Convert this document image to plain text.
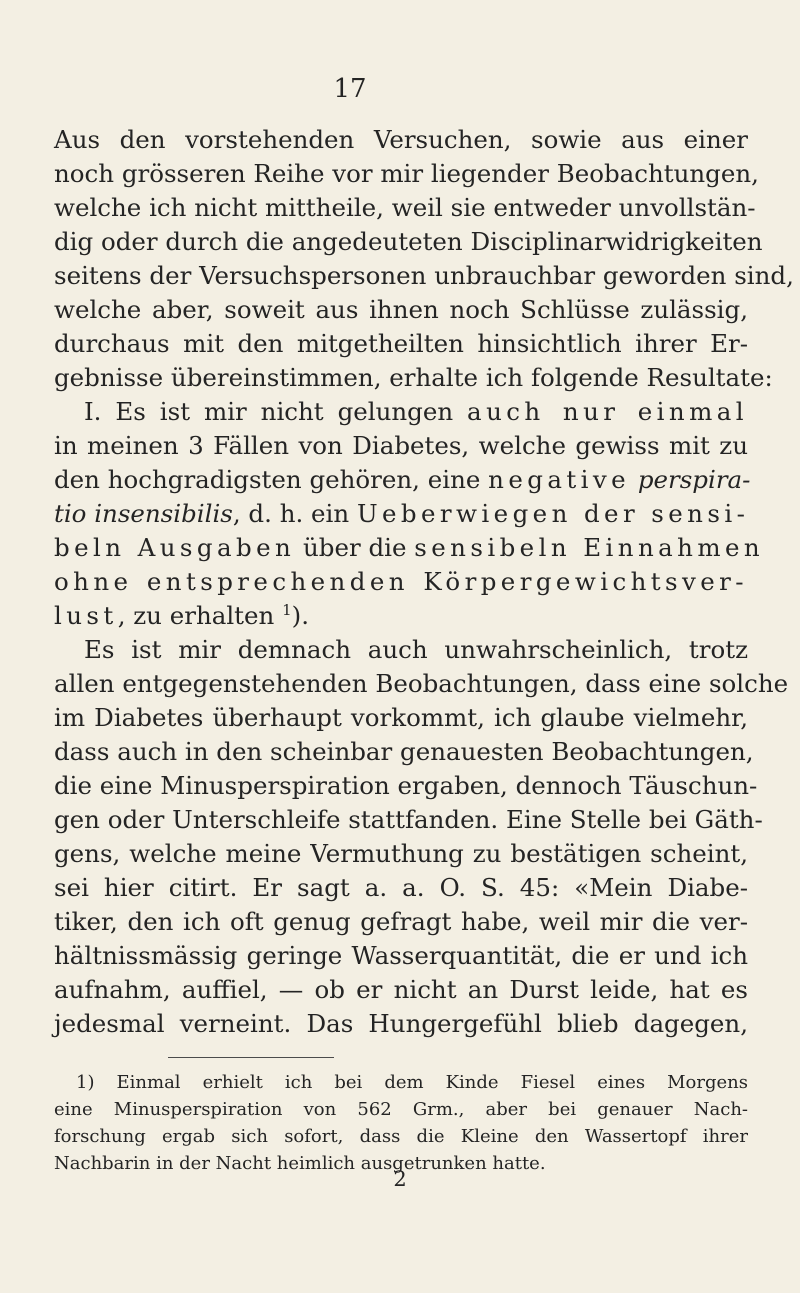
17
Aus den vorstehenden Versuchen, sowie aus einer
noch grösseren Reihe vor mir liegender Beobachtungen,
welche ich nicht mittheile, weil sie entweder unvollstän-
dig oder durch die angedeuteten Disciplinarwidrigkeiten
seitens der Versuchspersonen unbrauchbar geworden sind,
welche aber, soweit aus ihnen noch Schlüsse zulässig,
durchaus mit den mitgetheilten hinsichtlich ihrer Er-
gebnisse übereinstimmen, erhalte ich folgende Resultate:
I. Es ist mir nicht gelungen auch nur einmal
in meinen 3 Fällen von Diabetes, welche gewiss mit zu
den hochgradigsten gehören, eine negative perspira-
tio insensibilis, d. h. ein Ueberwiegen der sensi-
beln Ausgaben über die sensibeln Einnahmen
ohne entsprechenden Körpergewichtsver-
lust, zu erhalten $^1$).
Es ist mir demnach auch unwahrscheinlich, trotz
allen entgegenstehenden Beobachtungen, dass eine solche
im Diabetes überhaupt vorkommt, ich glaube vielmehr,
dass auch in den scheinbar genauesten Beobachtungen,
die eine Minusperspiration ergaben, dennoch Täuschun-
gen oder Unterschleife stattfanden. Eine Stelle bei Gäth-
gens, welche meine Vermuthung zu bestätigen scheint,
sei hier citirt. Er sagt a. a. O. S. 45: «Mein Diabe-
tiker, den ich oft genug gefragt habe, weil mir die ver-
hältnissmässig geringe Wasserquantität, die er und ich
aufnahm, auffiel, — ob er nicht an Durst leide, hat es
jedesmal verneint. Das Hungergefühl blieb dagegen,
1) Einmal erhielt ich bei dem Kinde Fiesel eines Morgens
eine Minusperspiration von 562 Grm., aber bei genauer Nach-
forschung ergab sich sofort, dass die Kleine den Wassertopf ihrer
Nachbarin in der Nacht heimlich ausgetrunken hatte.
2
